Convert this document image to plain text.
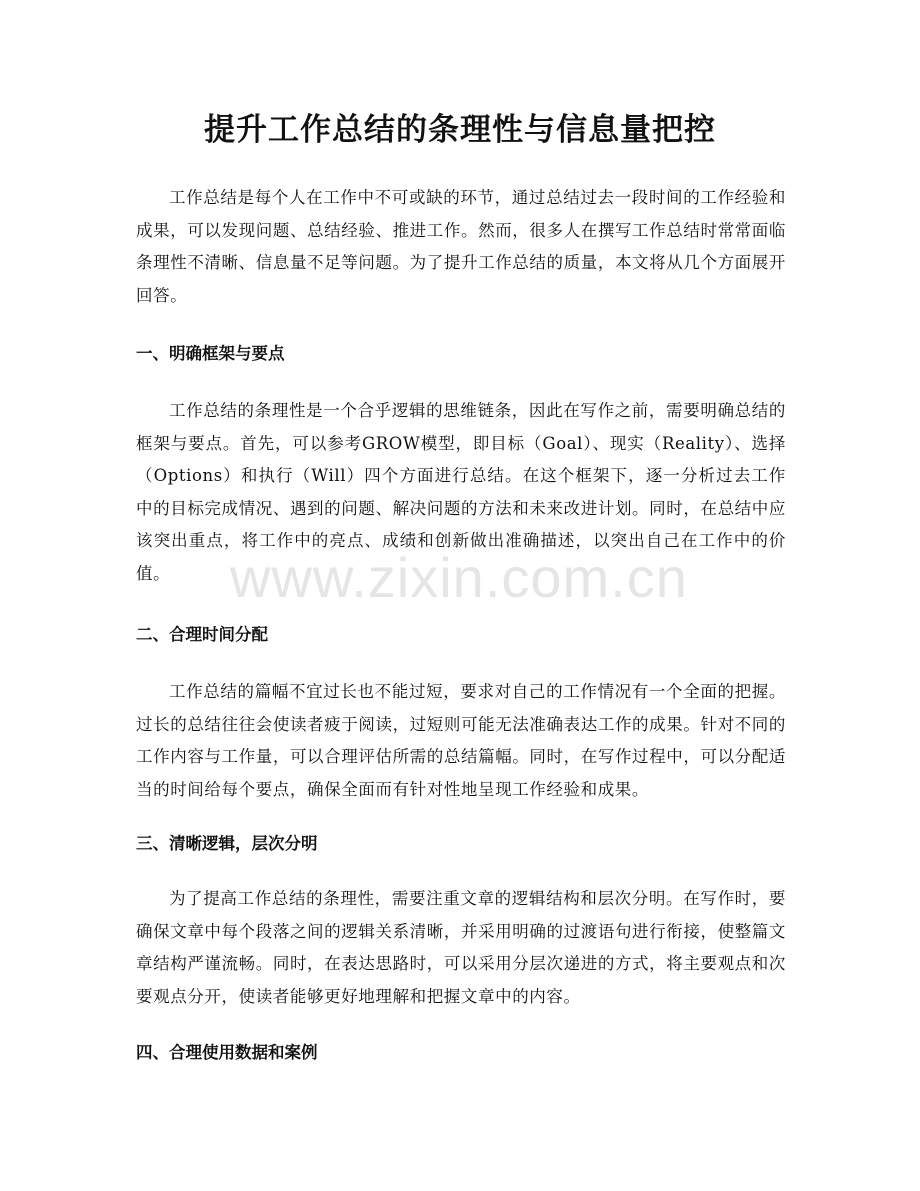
提升工作总结的条理性与信息量把控

工作总结是每个人在工作中不可或缺的环节，通过总结过去一段时间的工作经验和成果，可以发现问题、总结经验、推进工作。然而，很多人在撰写工作总结时常常面临条理性不清晰、信息量不足等问题。为了提升工作总结的质量，本文将从几个方面展开回答。

一、明确框架与要点

工作总结的条理性是一个合乎逻辑的思维链条，因此在写作之前，需要明确总结的框架与要点。首先，可以参考GROW模型，即目标（Goal）、现实（Reality）、选择（Options）和执行（Will）四个方面进行总结。在这个框架下，逐一分析过去工作中的目标完成情况、遇到的问题、解决问题的方法和未来改进计划。同时，在总结中应该突出重点，将工作中的亮点、成绩和创新做出准确描述，以突出自己在工作中的价值。

二、合理时间分配

工作总结的篇幅不宜过长也不能过短，要求对自己的工作情况有一个全面的把握。过长的总结往往会使读者疲于阅读，过短则可能无法准确表达工作的成果。针对不同的工作内容与工作量，可以合理评估所需的总结篇幅。同时，在写作过程中，可以分配适当的时间给每个要点，确保全面而有针对性地呈现工作经验和成果。

三、清晰逻辑，层次分明

为了提高工作总结的条理性，需要注重文章的逻辑结构和层次分明。在写作时，要确保文章中每个段落之间的逻辑关系清晰，并采用明确的过渡语句进行衔接，使整篇文章结构严谨流畅。同时，在表达思路时，可以采用分层次递进的方式，将主要观点和次要观点分开，使读者能够更好地理解和把握文章中的内容。

四、合理使用数据和案例
www.zixin.com.cn
